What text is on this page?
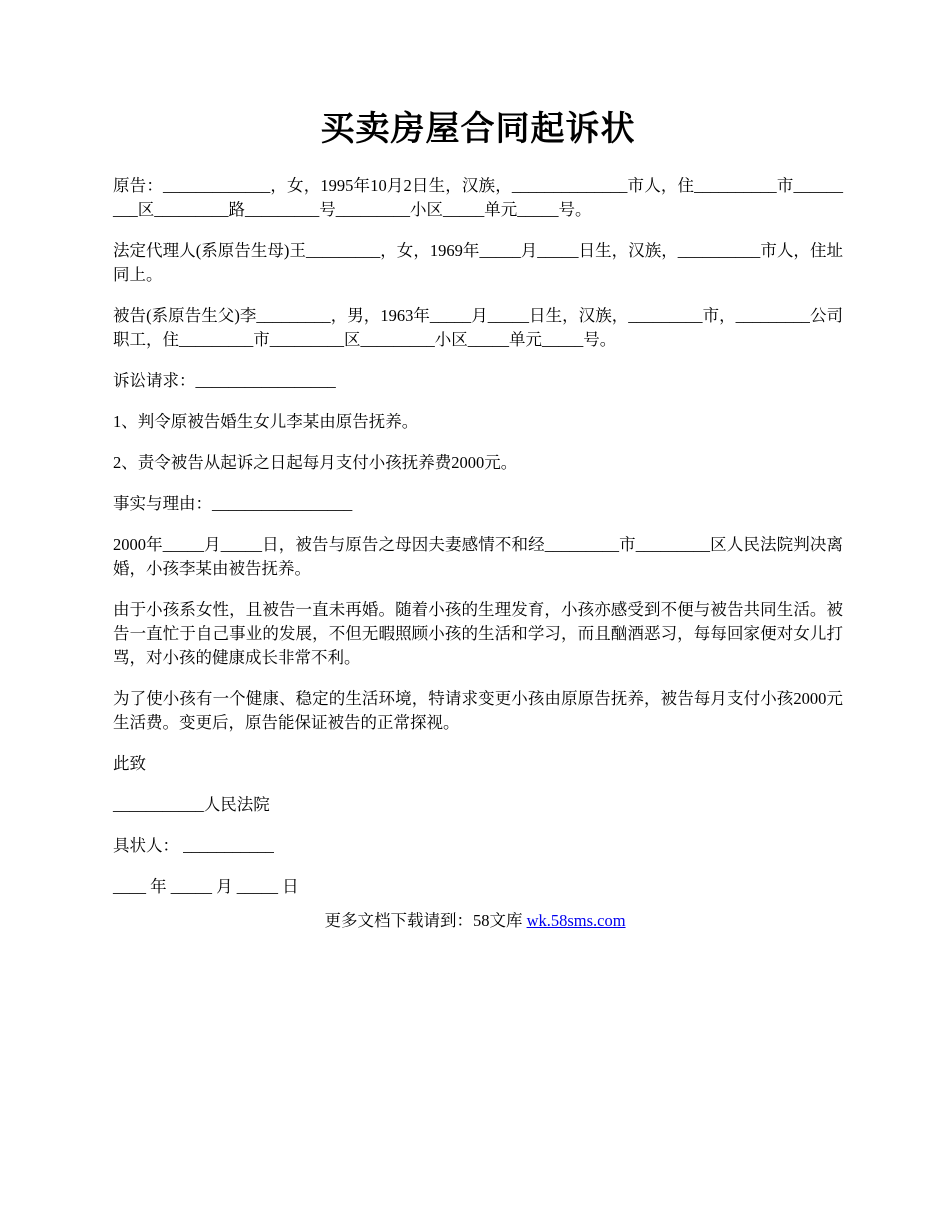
买卖房屋合同起诉状

原告：_____________，女，1995年10月2日生，汉族，______________市人，住__________市_________区_________路_________号_________小区_____单元_____号。

法定代理人(系原告生母)王_________，女，1969年_____月_____日生，汉族，__________市人，住址同上。

被告(系原告生父)李_________，男，1963年_____月_____日生，汉族，_________市，_________公司职工，住_________市_________区_________小区_____单元_____号。

诉讼请求：_________________

1、判令原被告婚生女儿李某由原告抚养。

2、责令被告从起诉之日起每月支付小孩抚养费2000元。

事实与理由：_________________

2000年_____月_____日，被告与原告之母因夫妻感情不和经_________市_________区人民法院判决离婚，小孩李某由被告抚养。

由于小孩系女性，且被告一直未再婚。随着小孩的生理发育，小孩亦感受到不便与被告共同生活。被告一直忙于自己事业的发展，不但无暇照顾小孩的生活和学习，而且酗酒恶习，每每回家便对女儿打骂，对小孩的健康成长非常不利。

为了使小孩有一个健康、稳定的生活环境，特请求变更小孩由原原告抚养，被告每月支付小孩2000元生活费。变更后，原告能保证被告的正常探视。

此致

___________人民法院

具状人： ___________

____ 年 _____ 月 _____ 日

更多文档下载请到：58文库 wk.58sms.com
